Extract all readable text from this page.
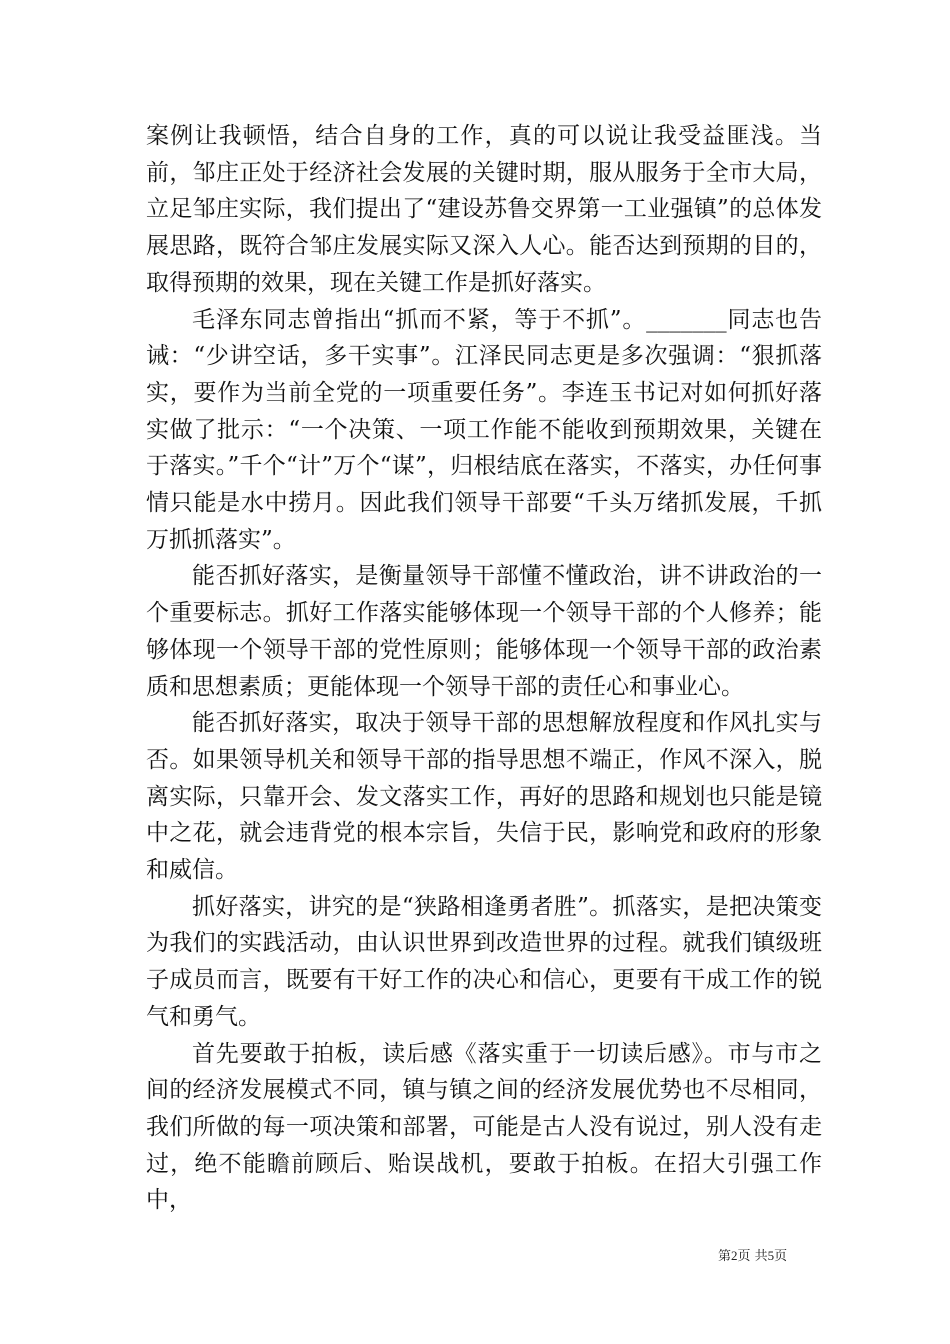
案例让我顿悟，结合自身的工作，真的可以说让我受益匪浅。当前，邹庄正处于经济社会发展的关键时期，服从服务于全市大局，立足邹庄实际，我们提出了“建设苏鲁交界第一工业强镇”的总体发展思路，既符合邹庄发展实际又深入人心。能否达到预期的目的，取得预期的效果，现在关键工作是抓好落实。

毛泽东同志曾指出“抓而不紧，等于不抓”。_______同志也告诫：“少讲空话，多干实事”。江泽民同志更是多次强调：“狠抓落实，要作为当前全党的一项重要任务”。李连玉书记对如何抓好落实做了批示：“一个决策、一项工作能不能收到预期效果，关键在于落实。”千个“计”万个“谋”，归根结底在落实，不落实，办任何事情只能是水中捞月。因此我们领导干部要“千头万绪抓发展，千抓万抓抓落实”。

能否抓好落实，是衡量领导干部懂不懂政治，讲不讲政治的一个重要标志。抓好工作落实能够体现一个领导干部的个人修养；能够体现一个领导干部的党性原则；能够体现一个领导干部的政治素质和思想素质；更能体现一个领导干部的责任心和事业心。

能否抓好落实，取决于领导干部的思想解放程度和作风扎实与否。如果领导机关和领导干部的指导思想不端正，作风不深入，脱离实际，只靠开会、发文落实工作，再好的思路和规划也只能是镜中之花，就会违背党的根本宗旨，失信于民，影响党和政府的形象和威信。

抓好落实，讲究的是“狭路相逢勇者胜”。抓落实，是把决策变为我们的实践活动，由认识世界到改造世界的过程。就我们镇级班子成员而言，既要有干好工作的决心和信心，更要有干成工作的锐气和勇气。

首先要敢于拍板，读后感《落实重于一切读后感》。市与市之间的经济发展模式不同，镇与镇之间的经济发展优势也不尽相同，我们所做的每一项决策和部署，可能是古人没有说过，别人没有走过，绝不能瞻前顾后、贻误战机，要敢于拍板。在招大引强工作中，

第2页 共5页
